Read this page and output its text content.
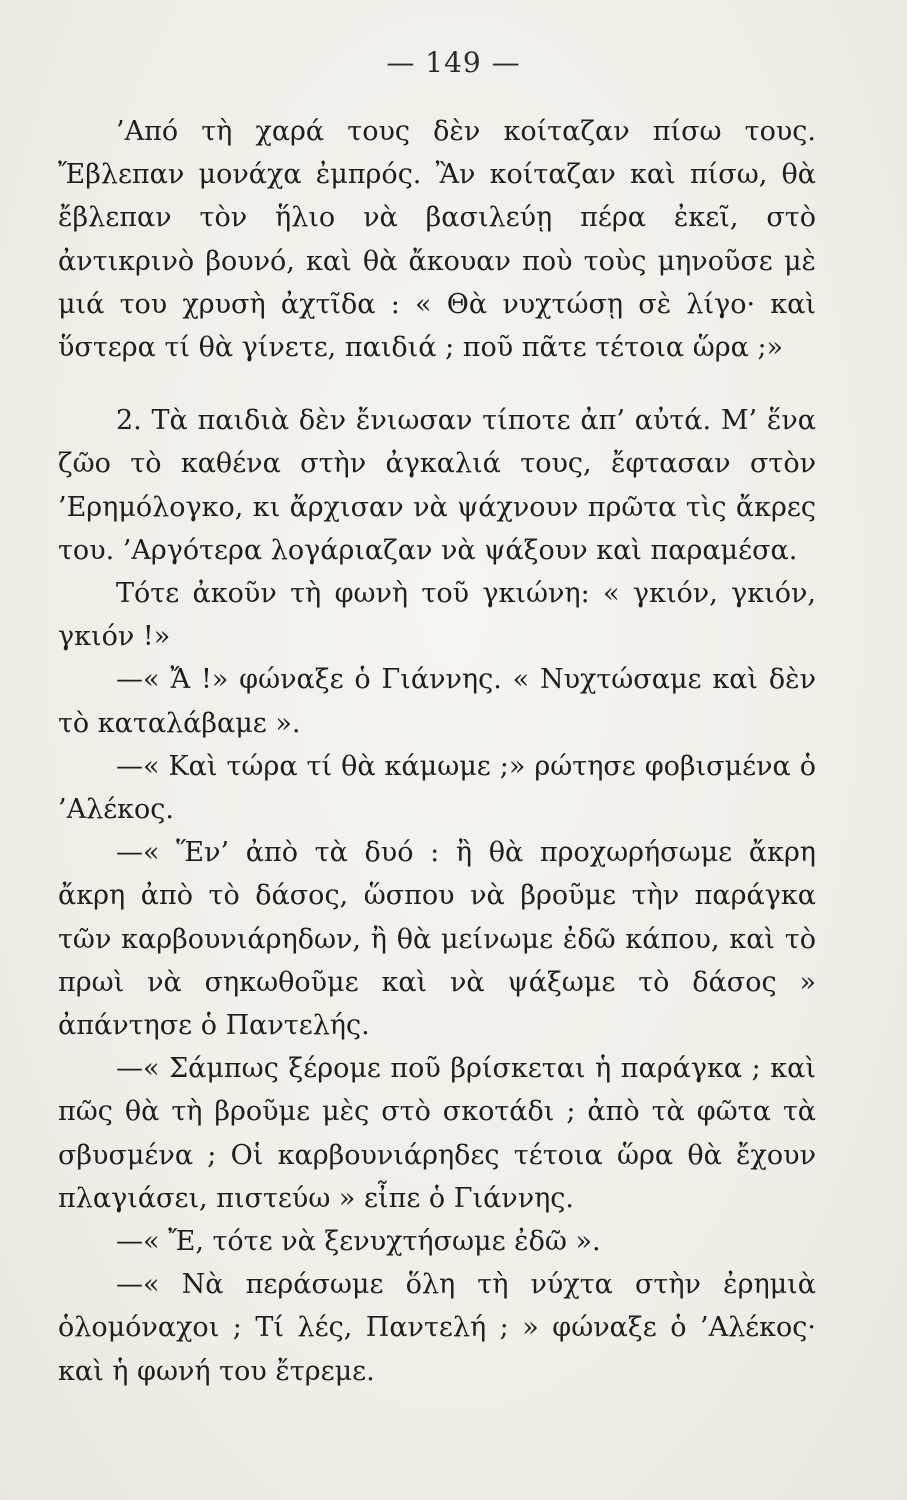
— 149 —

’Από τὴ χαρά τους δὲν κοίταζαν πίσω τους. Ἔβλεπαν μονάχα ἐμπρός. Ἂν κοίταζαν καὶ πίσω, θὰ ἔβλεπαν τὸν ἥλιο νὰ βασιλεύῃ πέρα ἐκεῖ, στὸ ἀντικρινὸ βουνό, καὶ θὰ ἄκουαν ποὺ τοὺς μηνοῦσε μὲ μιά του χρυσὴ ἀχτῖδα : « Θὰ νυχτώσῃ σὲ λίγο· καὶ ὕστερα τί θὰ γίνετε, παιδιά ; ποῦ πᾶτε τέτοια ὥρα ;»

2. Τὰ παιδιὰ δὲν ἔνιωσαν τίποτε ἀπ’ αὐτά. Μ’ ἕνα ζῶο τὸ καθένα στὴν ἀγκαλιά τους, ἔφτασαν στὸν ’Ερημόλογκο, κι ἄρχισαν νὰ ψάχνουν πρῶτα τὶς ἄκρες του. ’Αργότερα λογάριαζαν νὰ ψάξουν καὶ παραμέσα.

Τότε ἀκοῦν τὴ φωνὴ τοῦ γκιώνη: « γκιόν, γκιόν, γκιόν !»

—« Ἄ !» φώναξε ὁ Γιάννης. « Νυχτώσαμε καὶ δὲν τὸ καταλάβαμε ».

—« Καὶ τώρα τί θὰ κάμωμε ;» ρώτησε φοβισμένα ὁ ’Αλέκος.

—« Ἕν’ ἀπὸ τὰ δυό : ἢ θὰ προχωρήσωμε ἄκρη ἄκρη ἀπὸ τὸ δάσος, ὥσπου νὰ βροῦμε τὴν παράγκα τῶν καρβουνιάρηδων, ἢ θὰ μείνωμε ἐδῶ κάπου, καὶ τὸ πρωὶ νὰ σηκωθοῦμε καὶ νὰ ψάξωμε τὸ δάσος » ἀπάντησε ὁ Παντελής.

—« Σάμπως ξέρομε ποῦ βρίσκεται ἡ παράγκα ; καὶ πῶς θὰ τὴ βροῦμε μὲς στὸ σκοτάδι ; ἀπὸ τὰ φῶτα τὰ σβυσμένα ; Οἱ καρβουνιάρηδες τέτοια ὥρα θὰ ἔχουν πλαγιάσει, πιστεύω » εἶπε ὁ Γιάννης.

—« Ἔ, τότε νὰ ξενυχτήσωμε ἐδῶ ».

—« Νὰ περάσωμε ὅλη τὴ νύχτα στὴν ἐρημιὰ ὁλομόναχοι ; Τί λές, Παντελή ; » φώναξε ὁ ’Αλέκος· καὶ ἡ φωνή του ἔτρεμε.
